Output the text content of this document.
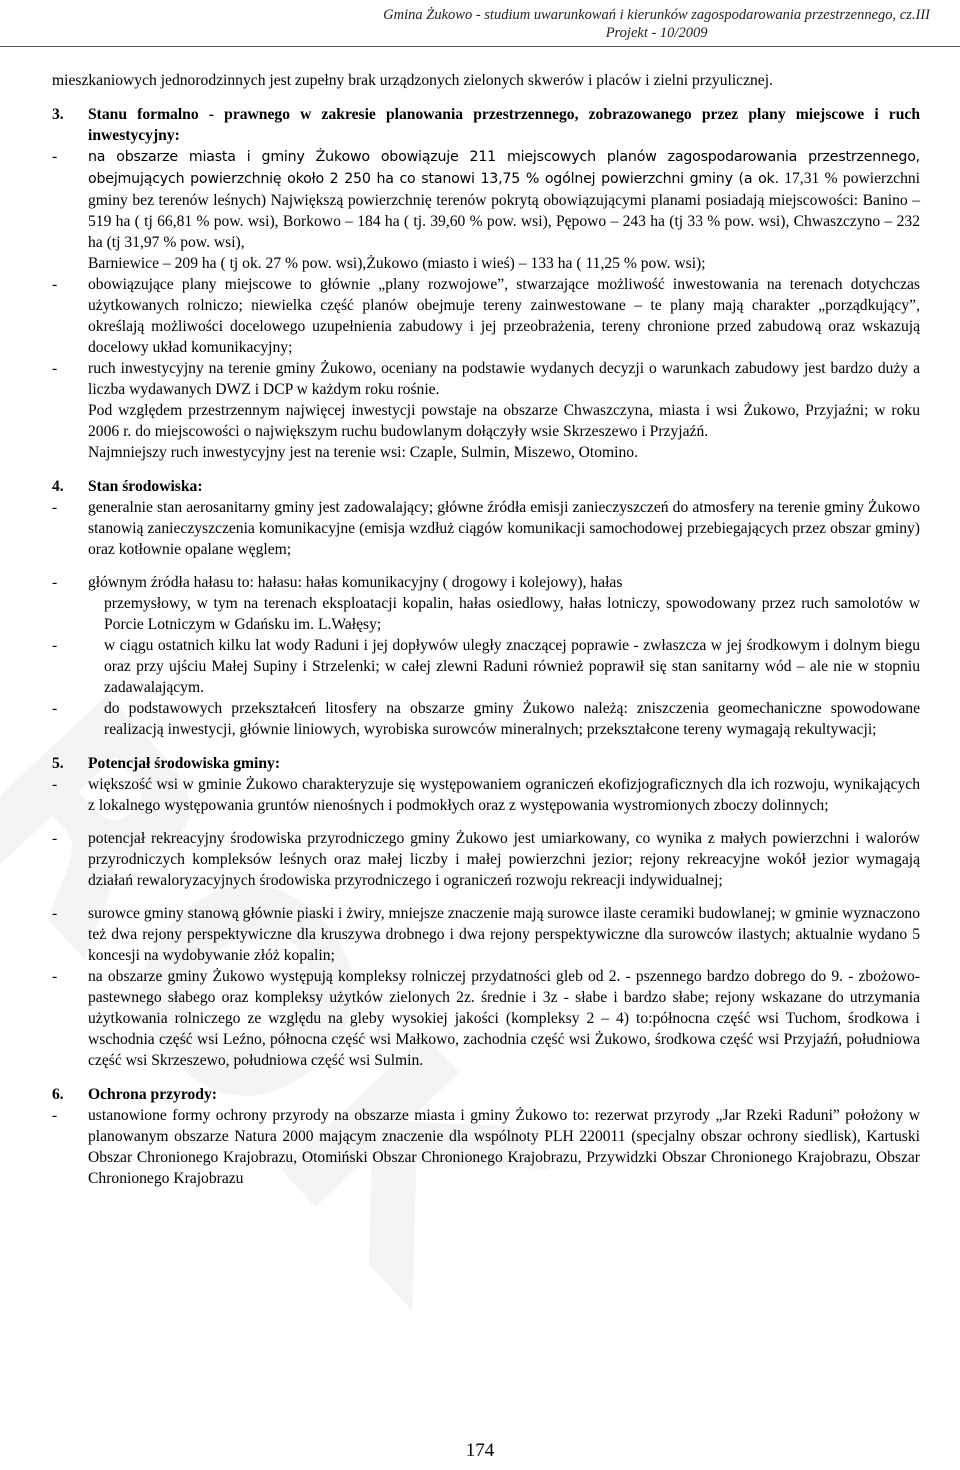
Gmina Żukowo - studium uwarunkowań i kierunków zagospodarowania przestrzennego, cz.III
Projekt - 10/2009

mieszkaniowych jednorodzinnych jest zupełny brak urządzonych zielonych skwerów i placów i zielni przyulicznej.

3. Stanu formalno - prawnego w zakresie planowania przestrzennego, zobrazowanego przez plany miejscowe i ruch inwestycyjny:
- na obszarze miasta i gminy Żukowo obowiązuje 211 miejscowych planów zagospodarowania przestrzennego, obejmujących powierzchnię około 2 250 ha co stanowi 13,75 % ogólnej powierzchni gminy (a ok. 17,31 % powierzchni gminy bez terenów leśnych) Największą powierzchnię terenów pokrytą obowiązującymi planami posiadają miejscowości: Banino – 519 ha ( tj 66,81 % pow. wsi), Borkowo – 184 ha ( tj. 39,60 % pow. wsi), Pępowo – 243 ha (tj 33 % pow. wsi), Chwaszczyno – 232 ha (tj 31,97 % pow. wsi),
Barniewice – 209 ha ( tj ok. 27 % pow. wsi),Żukowo (miasto i wieś) – 133 ha ( 11,25 % pow. wsi);
- obowiązujące plany miejscowe to głównie „plany rozwojowe”, stwarzające możliwość inwestowania na terenach dotychczas użytkowanych rolniczo; niewielka część planów obejmuje tereny zainwestowane – te plany mają charakter „porządkujący”, określają możliwości docelowego uzupełnienia zabudowy i jej przeobrażenia, tereny chronione przed zabudową oraz wskazują docelowy układ komunikacyjny;
- ruch inwestycyjny na terenie gminy Żukowo, oceniany na podstawie wydanych decyzji o warunkach zabudowy jest bardzo duży a liczba wydawanych DWZ i DCP w każdym roku rośnie.

Pod względem przestrzennym najwięcej inwestycji powstaje na obszarze Chwaszczyna, miasta i wsi Żukowo, Przyjaźni; w roku 2006 r. do miejscowości o największym ruchu budowlanym dołączyły wsie Skrzeszewo i Przyjaźń.

Najmniejszy ruch inwestycyjny jest na terenie wsi: Czaple, Sulmin, Miszewo, Otomino.

4. Stan środowiska:
- generalnie stan aerosanitarny gminy jest zadowalający; główne źródła emisji zanieczyszczeń do atmosfery na terenie gminy Żukowo stanowią zanieczyszczenia komunikacyjne (emisja wzdłuż ciągów komunikacji samochodowej przebiegających przez obszar gminy) oraz kotłownie opalane węglem;
- głównym źródła hałasu to: hałasu: hałas komunikacyjny ( drogowy i kolejowy), hałas
przemysłowy, w tym na terenach eksploatacji kopalin, hałas osiedlowy, hałas lotniczy, spowodowany przez ruch samolotów w Porcie Lotniczym w Gdańsku im. L.Wałęsy;
-	w ciągu ostatnich kilku lat wody Raduni i jej dopływów uległy znaczącej poprawie - zwłaszcza w jej środkowym i dolnym biegu oraz przy ujściu Małej Supiny i Strzelenki; w całej zlewni Raduni również poprawił się stan sanitarny wód – ale nie w stopniu zadawalającym.
-	do podstawowych przekształceń litosfery na obszarze gminy Żukowo należą: zniszczenia geomechaniczne spowodowane realizacją inwestycji, głównie liniowych, wyrobiska surowców mineralnych; przekształcone tereny wymagają rekultywacji;
5. Potencjał środowiska gminy:
- większość wsi w gminie Żukowo charakteryzuje się występowaniem ograniczeń ekofizjograficznych dla ich rozwoju, wynikających z lokalnego występowania gruntów nienośnych i podmokłych oraz z występowania wystromionych zboczy dolinnych;
- potencjał rekreacyjny środowiska przyrodniczego gminy Żukowo jest umiarkowany, co wynika z małych powierzchni i walorów przyrodniczych kompleksów leśnych oraz małej liczby i małej powierzchni jezior; rejony rekreacyjne wokół jezior wymagają działań rewaloryzacyjnych środowiska przyrodniczego i ograniczeń rozwoju rekreacji indywidualnej;
- surowce gminy stanową głównie piaski i żwiry, mniejsze znaczenie mają surowce ilaste ceramiki budowlanej; w gminie wyznaczono też dwa rejony perspektywiczne dla kruszywa drobnego i dwa rejony perspektywiczne dla surowców ilastych; aktualnie wydano 5 koncesji na wydobywanie złóż kopalin;
- na obszarze gminy Żukowo występują kompleksy rolniczej przydatności gleb od 2. - pszennego bardzo dobrego do 9. - zbożowo-pastewnego słabego oraz kompleksy użytków zielonych 2z. średnie i 3z - słabe i bardzo słabe; rejony wskazane do utrzymania użytkowania rolniczego ze względu na gleby wysokiej jakości (kompleksy 2 – 4) to:północna część wsi Tuchom, środkowa i wschodnia część wsi Leźno, północna część wsi Małkowo, zachodnia część wsi Żukowo, środkowa część wsi Przyjaźń, południowa część wsi Skrzeszewo, południowa część wsi Sulmin.
6. Ochrona przyrody:
- ustanowione formy ochrony przyrody na obszarze miasta i gminy Żukowo to: rezerwat przyrody „Jar Rzeki Raduni” położony w planowanym obszarze Natura 2000 mającym znaczenie dla wspólnoty PLH 220011 (specjalny obszar ochrony siedlisk), Kartuski Obszar Chronionego Krajobrazu, Otomiński Obszar Chronionego Krajobrazu, Przywidzki Obszar Chronionego Krajobrazu, Obszar Chronionego Krajobrazu
174
